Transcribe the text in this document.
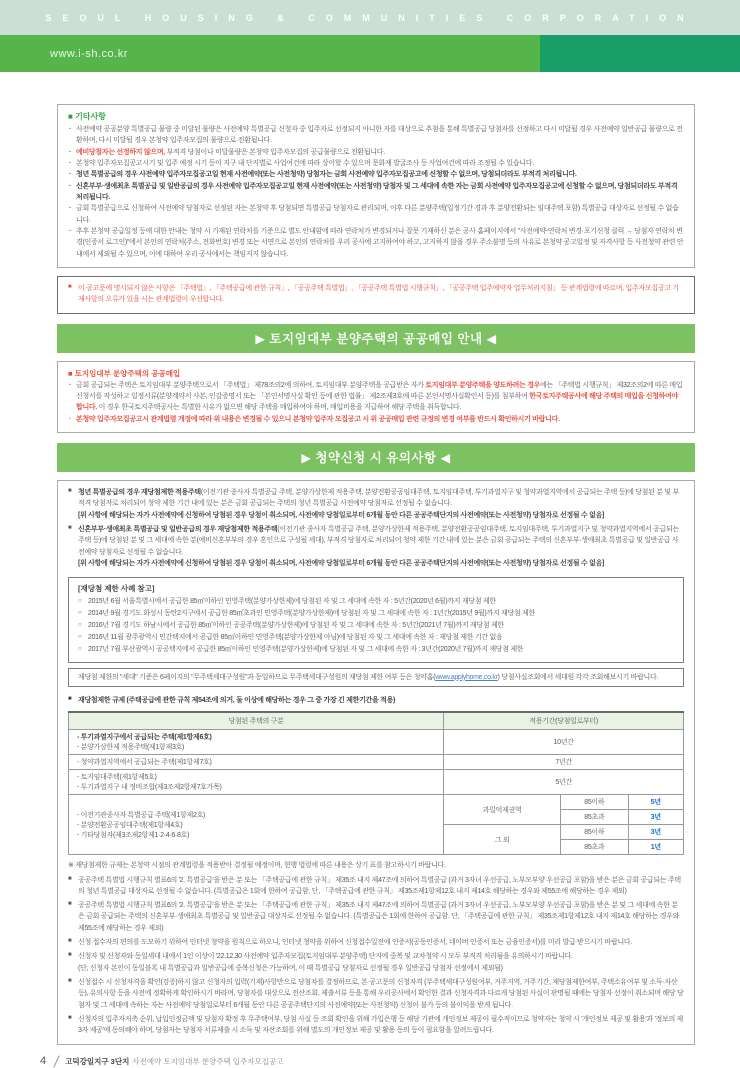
SEOUL HOUSING & COMMUNITIES CORPORATION
www.i-sh.co.kr
■ 기타사항
· 사전예약 공공분양 특별공급 물량 중 미달된 물량은 사전예약 특별공급 신청자 중 입주자로 선정되지 아니한 자를 대상으로 추첨을 통해 특별공급 당첨자를 선정하고 다시 미달될 경우 사전예약 일반공급 물량으로 전환하며, 다시 미달될 경우 본청약 입주자모집의 물량으로 전환됩니다.
· 예비당첨자는 선정하지 않으며, 부적격 당첨이나 미달물량은 본청약 입주자모집의 공급물량으로 전환됩니다.
· 본청약 입주자모집공고시기 및 입주 예정 시기 등이 지구 내 단지별로 사업여건에 따라 상이할 수 있으며 문화재 발굴조사 등 사업여건에 따라 조정될 수 있습니다.
· 청년 특별공급의 경우 사전예약 입주자모집공고일 현재 사전예약(또는 사전청약) 당첨자는 금회 사전예약 입주자모집공고에 신청할 수 없으며, 당첨되더라도 부적격 처리됩니다.
· 신혼부부·생애최초 특별공급 및 일반공급의 경우 사전예약 입주자모집공고일 현재 사전예약(또는 사전청약) 당첨자 및 그 세대에 속한 자는 금회 사전예약 입주자모집공고에 신청할 수 없으며, 당첨되더라도 부적격 처리됩니다.
· 금회 특별공급으로 신청하여 사전예약 당첨자로 선정된 자는 본청약 후 당첨되면 특별공급 당첨자로 관리되며, 이후 다른 분양주택(일정기간 경과 후 분양전환되는 임대주택 포함) 특별공급 대상자로 선정될 수 없습니다.
· 추후 본청약 공급일정 등에 대한 안내는 청약 시 기재된 연락처를 기준으로 별도 안내함에 따라 연락처가 변경되거나 잘못 기재하신 분은 공사 홈페이지에서 "사전예약-연락처 변경·포기신청 클릭 → 당첨자 연락처 변경(인증서 로그인)"에서 본인의 연락처(주소, 전화번호) 변경 또는 서면으로 본인의 연락처를 우리 공사에 고지하여야 하고, 고지하지 않을 경우 주소불명 등의 사유로 본청약 공고일정 및 자격사항 등 사전청약 관련 안내에서 제외될 수 있으며, 이에 대하여 우리 공사에서는 책임지지 않습니다.
■ 이 공고문에 명시되지 않은 사항은 「주택법」, 「주택공급에 관한 규칙」, 「공공주택 특별법」, 「공공주택 특별법 시행규칙」, 「공공주택 입주예약자 업무처리지침」 등 관계법령에 따르며, 입주자모집공고 기재사항의 오류가 있을 시는 관계법령이 우선합니다.
▶ 토지임대부 분양주택의 공공매입 안내 ◀
■ 토지임대부 분양주택의 공공매입
· 금회 공급되는 주택은 토지임대부 분양주택으로서 「주택법」 제78조의2에 의하여, 토지임대부 분양주택을 공급받은 자가 토지임대부 분양주택을 양도하려는 경우에는 「주택법 시행규칙」 제32조의2에 따른 매입신청서를 작성하고 일정서류(분양계약서 사본, 인감증명서 또는 「본인서명사실 확인 등에 관한 법률」 제2조제3호에 따른 본인서명사실확인서 등)를 첨부하여 한국토지주택공사에 해당 주택의 매입을 신청하여야 합니다. 이 경우 한국토지주택공사는 특별한 사유가 없으면 해당 주택을 매입하여야 하며, 매입비용을 지급하여 해당 주택을 취득합니다.
· 본청약 입주자모집공고시 관계법령 개정에 따라 위 내용은 변경될 수 있으니 본청약 입주자 모집공고 시 위 공공매입 관련 규정의 변경 여부를 반드시 확인하시기 바랍니다.
▶ 청약신청 시 유의사항 ◀
■ 청년 특별공급의 경우 재당첨제한 적용주택(이전기관 종사자 특별공급 주택, 분양가상한제 적용주택, 분양전환공공임대주택, 토지임대주택, 투기과열지구 및 청약과열지역에서 공급되는 주택 등)에 당첨된 분 및 부적격 당첨자로 처리되어 청약 제한 기간 내에 있는 분은 금회 공급되는 주택의 청년 특별공급 사전예약 당첨자로 선정될 수 없습니다.
[위 사항에 해당되는 자가 사전예약에 신청하여 당첨된 경우 당첨이 취소되며, 사전예약 당첨일로부터 6개월 동안 다른 공공주택단지의 사전예약(또는 사전청약) 당첨자로 선정될 수 없음]
■ 신혼부부·생애최초 특별공급 및 일반공급의 경우 재당첨제한 적용주택(이전기관 종사자 특별공급 주택, 분양가상한제 적용주택, 분양전환공공임대주택, 토지임대주택, 투기과열지구 및 청약과열지역에서 공급되는 주택 등)에 당첨된 분 및 그 세대에 속한 분(예비신혼부부의 경우 혼인으로 구성될 세대), 부적격 당첨자로 처리되어 청약 제한 기간 내에 있는 분은 금회 공급되는 주택의 신혼부부·생애최초 특별공급 및 일반공급 사전예약 당첨자로 선정될 수 없습니다.
[위 사항에 해당되는 자가 사전예약에 신청하여 당첨된 경우 당첨이 취소되며, 사전예약 당첨일로부터 6개월 동안 다른 공공주택단지의 사전예약(또는 사전청약) 당첨자로 선정될 수 없음]
[재당첨 제한 사례 참고]
○ 2015년 6월 서울특별시에서 공급한 85㎡이하인 민영주택(분양가상한제)에 당첨된 자 및 그 세대에 속한 자 : 5년간(2020년 6월)까지 재당첨 제한
○ 2014년 9월 경기도 화성시 동탄2지구에서 공급한 85㎡초과인 민영주택(분양가상한제)에 당첨된 자 및 그 세대에 속한 자 : 1년간(2015년 9월)까지 재당첨 제한
○ 2016년 7월 경기도 하남시에서 공급한 85㎡이하인 공공주택(분양가상한제)에 당첨된 자 및 그 세대에 속한 자 : 5년간(2021년 7월)까지 재당첨 제한
○ 2016년 11월 광주광역시 민간택지에서 공급한 85㎡이하인 민영주택(분양가상한제 아님)에 당첨된 자 및 그 세대에 속한 자 : 재당첨 제한 기간 없음
○ 2017년 7월 부산광역시 공공택지에서 공급한 85㎡이하인 민영주택(분양가상한제)에 당첨된 자 및 그 세대에 속한 자 : 3년간(2020년 7월)까지 재당첨 제한
재당첨 제한의 "세대" 기준은 6페이지의 "무주택세대구성원"과 동일하므로 무주택세대구성원의 재당첨 제한 여부 등은 청약홈(www.applyhome.co.kr) 당첨사실조회에서 세대원 각각 조회해보시기 바랍니다.
■ 재당첨제한 규제 (주택공급에 관한 규칙 제54조에 의거, 둘 이상에 해당하는 경우 그 중 가장 긴 제한기간을 적용)
당첨된 주택의 구분	적용기간(당첨일로부터)		

- 투기과열지구에서 공급되는 주택(제1항제6호)
- 분양가상한제 적용주택(제1항제3호)	10년간		
- 청약과열지역에서 공급되는 주택(제1항제7호)	7년간		

- 토지임대주택(제1항제5호)
- 투기과열지구 내 정비조합(제3조제2항제7호가목)	5년간		

- 이전기관종사자 특별공급 주택(제1항제2호)
- 분양전환공공임대주택(제1항제4호)
- 기타당첨자(제3조제2항제1·2·4·6·8호)	과밀억제권역	85이하	5년
		85초과	3년
	그 외	85이하	3년
		85초과	1년
※ 재당첨제한 규제는 본청약 시점의 관계법령을 적용받아 결정될 예정이며, 현행 법령에 따른 내용은 상기 표를 참고하시기 바랍니다.
■ 공공주택 특별법 시행규칙 별표6의 '2. 특별공급'을 받은 분 또는 「주택공급에 관한 규칙」 제35조 내지 제47조에 의하여 특별공급 (과거 3자녀 우선공급, 노부모부양 우선공급 포함)을 받은 분은 금회 공급되는 주택의 청년 특별공급 대상자로 선정될 수 없습니다. (특별공급은 1회에 한하여 공급함. 단, 「주택공급에 관한 규칙」 제35조제1항제12호 내지 제14호 해당하는 경우와 제55조에 해당하는 경우 제외)
■ 공공주택 특별법 시행규칙 별표6의 '2. 특별공급'을 받은 분 또는 「주택공급에 관한 규칙」 제35조 내지 제47조에 의하여 특별공급 (과거 3자녀 우선공급, 노부모부양 우선공급 포함)을 받은 분 및 그 세대에 속한 분은 금회 공급되는 주택의 신혼부부·생애최초 특별공급 및 일반공급 대상자로 선정될 수 없습니다. (특별공급은 1회에 한하여 공급함. 단, 「주택공급에 관한 규칙」 제35조제1항제12호 내지 제14호 해당하는 경우와 제55조에 해당하는 경우 제외)
■ 신청 접수자의 편의를 도모하기 위하여 인터넷 청약을 원칙으로 하오니, 인터넷 청약을 위하여 신청접수일전에 인증서(공동인증서, 네이버 인증서 또는 금융인증서)를 미리 발급 받으시기 바랍니다.
■ 신청자 및 신청자와 동일세대 내에서 1인 이상이 '22.12.30 사전예약 입주자모집(토지임대부 분양주택) 단지에 중복 및 교차청약 시 모두 부적격 처리됨을 유의하시기 바랍니다.
(단, 신청자 본인이 동일블록 내 특별공급과 일반공급에 중복신청은 가능하며, 이 때 특별공급 당첨자로 선정될 경우 일반공급 당첨자 선정에서 제외됨)
■ 신청접수 시 신청자격을 확인(검증)하지 않고 신청자의 입력(기재)사항만으로 당첨자를 결정하므로, 본 공고문의 신청자격 (무주택세대구성원여부, 거주지역, 거주기간, 재당첨제한여부, 주택소유여부 및 소득·자산 등), 유의사항 등을 사전에 정확하게 확인하시기 바라며, 당첨자를 대상으로 전산조회, 제출서류 등을 통해 우리공사에서 확인한 결과 신청자격과 다르게 당첨된 사실이 판명될 때에는 당첨자 선정이 취소되며 해당 당첨자 및 그 세대에 속하는 자는 사전예약 당첨일로부터 6개월 동안 다른 공공주택단지의 사전예약(또는 사전청약) 신청이 불가 등의 불이익을 받게 됩니다.
■ 신청자의 입주자저축 순위, 납입인정금액 및 당첨자 확정 후 무주택여부, 당첨 사실 등 조회 확인을 위해 가입은행 등 해당 기관에 개인정보 제공이 필수적이므로 청약자는 청약 시 '개인정보 제공 및 활용'과 '정보의 제3자 제공'에 동의해야 하며, 당첨자는 당첨자 서류제출 시 소득 및 자산조회를 위해 별도의 개인정보 제공 및 활용 동의 등이 필요함을 알려드립니다.
4	고덕강일지구 3단지 사전예약 토지임대부 분양주택 입주자모집공고
